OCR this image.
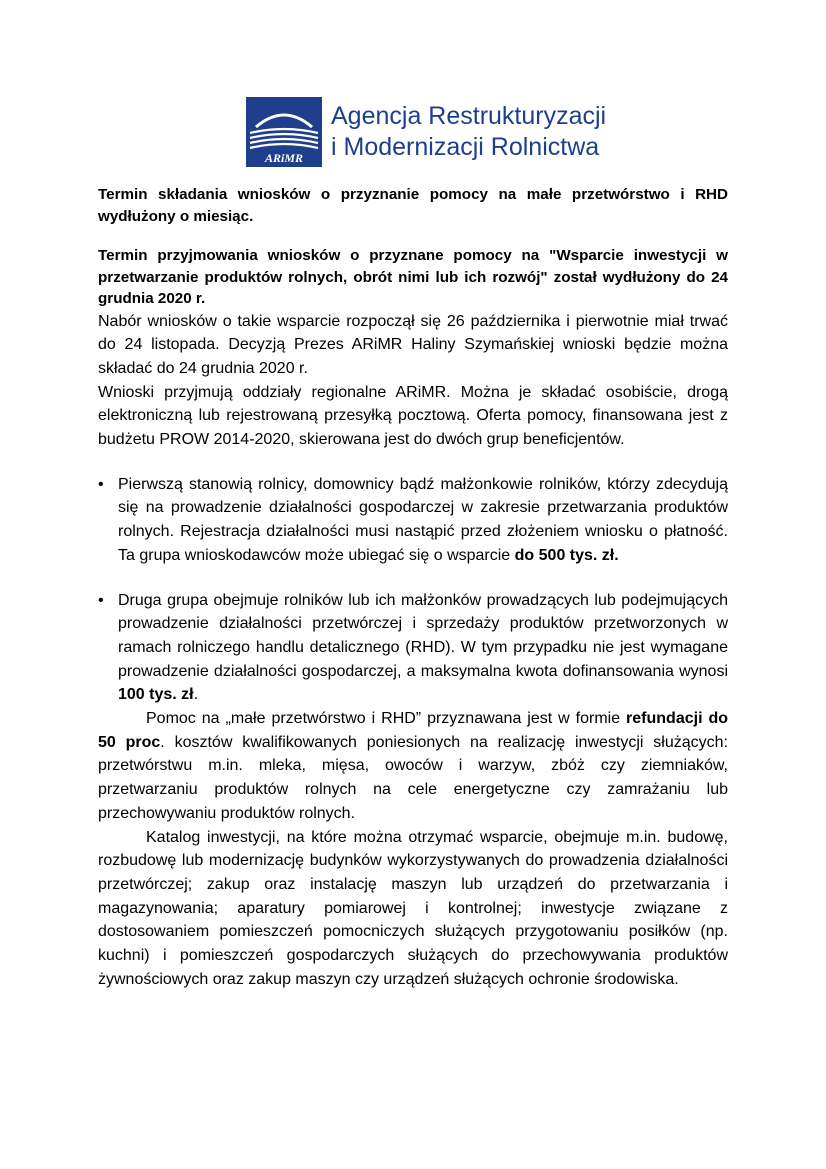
ARiMR
Agencja Restrukturyzacji
i Modernizacji Rolnictwa

Termin składania wniosków o przyznanie pomocy na małe przetwórstwo i RHD wydłużony o miesiąc.

Termin przyjmowania wniosków o przyznane pomocy na "Wsparcie inwestycji w przetwarzanie produktów rolnych, obrót nimi lub ich rozwój" został wydłużony do 24 grudnia 2020 r.

Nabór wniosków o takie wsparcie rozpoczął się 26 października i pierwotnie miał trwać do 24 listopada. Decyzją Prezes ARiMR Haliny Szymańskiej wnioski będzie można składać do 24 grudnia 2020 r.

Wnioski przyjmują oddziały regionalne ARiMR. Można je składać osobiście, drogą elektroniczną lub rejestrowaną przesyłką pocztową. Oferta pomocy, finansowana jest z budżetu PROW 2014-2020, skierowana jest do dwóch grup beneficjentów.

• Pierwszą stanowią rolnicy, domownicy bądź małżonkowie rolników, którzy zdecydują się na prowadzenie działalności gospodarczej w zakresie przetwarzania produktów rolnych. Rejestracja działalności musi nastąpić przed złożeniem wniosku o płatność. Ta grupa wnioskodawców może ubiegać się o wsparcie do 500 tys. zł.
• Druga grupa obejmuje rolników lub ich małżonków prowadzących lub podejmujących prowadzenie działalności przetwórczej i sprzedaży produktów przetworzonych w ramach rolniczego handlu detalicznego (RHD). W tym przypadku nie jest wymagane prowadzenie działalności gospodarczej, a maksymalna kwota dofinansowania wynosi 100 tys. zł.

Pomoc na „małe przetwórstwo i RHD” przyznawana jest w formie refundacji do 50 proc. kosztów kwalifikowanych poniesionych na realizację inwestycji służących: przetwórstwu m.in. mleka, mięsa, owoców i warzyw, zbóż czy ziemniaków, przetwarzaniu produktów rolnych na cele energetyczne czy zamrażaniu lub przechowywaniu produktów rolnych.

Katalog inwestycji, na które można otrzymać wsparcie, obejmuje m.in. budowę, rozbudowę lub modernizację budynków wykorzystywanych do prowadzenia działalności przetwórczej; zakup oraz instalację maszyn lub urządzeń do przetwarzania i magazynowania; aparatury pomiarowej i kontrolnej; inwestycje związane z dostosowaniem pomieszczeń pomocniczych służących przygotowaniu posiłków (np. kuchni) i pomieszczeń gospodarczych służących do przechowywania produktów żywnościowych oraz zakup maszyn czy urządzeń służących ochronie środowiska.
